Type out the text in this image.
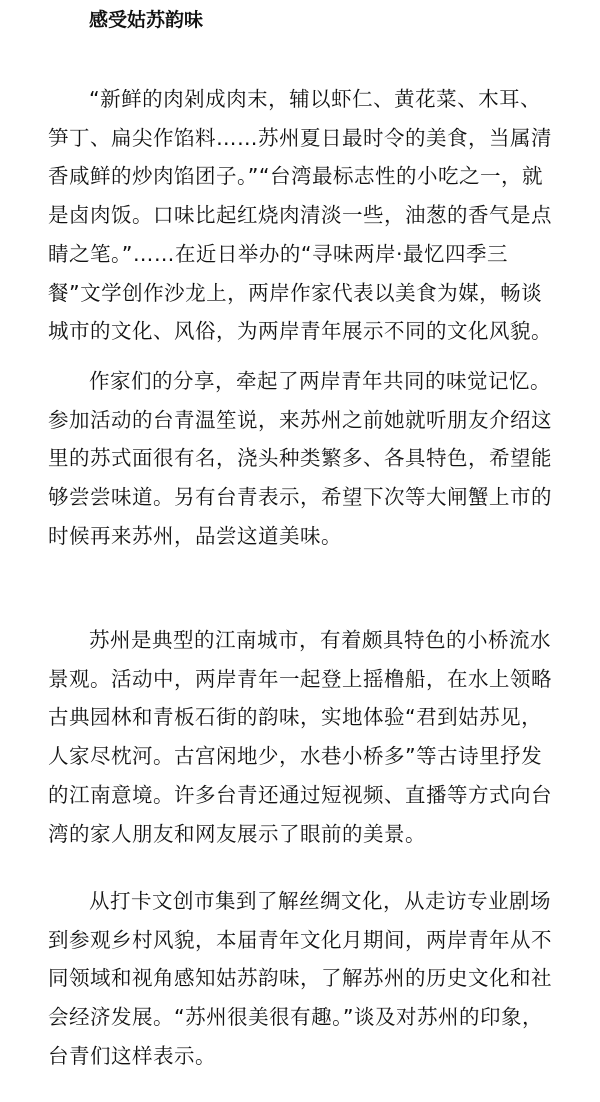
感受姑苏韵味

“新鲜的肉剁成肉末，辅以虾仁、黄花菜、木耳、笋丁、扁尖作馅料……苏州夏日最时令的美食，当属清香咸鲜的炒肉馅团子。”“台湾最标志性的小吃之一，就是卤肉饭。口味比起红烧肉清淡一些，油葱的香气是点睛之笔。”……在近日举办的“寻味两岸·最忆四季三餐”文学创作沙龙上，两岸作家代表以美食为媒，畅谈城市的文化、风俗，为两岸青年展示不同的文化风貌。

作家们的分享，牵起了两岸青年共同的味觉记忆。参加活动的台青温笙说，来苏州之前她就听朋友介绍这里的苏式面很有名，浇头种类繁多、各具特色，希望能够尝尝味道。另有台青表示，希望下次等大闸蟹上市的时候再来苏州，品尝这道美味。

苏州是典型的江南城市，有着颇具特色的小桥流水景观。活动中，两岸青年一起登上摇橹船，在水上领略古典园林和青板石街的韵味，实地体验“君到姑苏见，人家尽枕河。古宫闲地少，水巷小桥多”等古诗里抒发的江南意境。许多台青还通过短视频、直播等方式向台湾的家人朋友和网友展示了眼前的美景。

从打卡文创市集到了解丝绸文化，从走访专业剧场到参观乡村风貌，本届青年文化月期间，两岸青年从不同领域和视角感知姑苏韵味，了解苏州的历史文化和社会经济发展。“苏州很美很有趣。”谈及对苏州的印象，台青们这样表示。
